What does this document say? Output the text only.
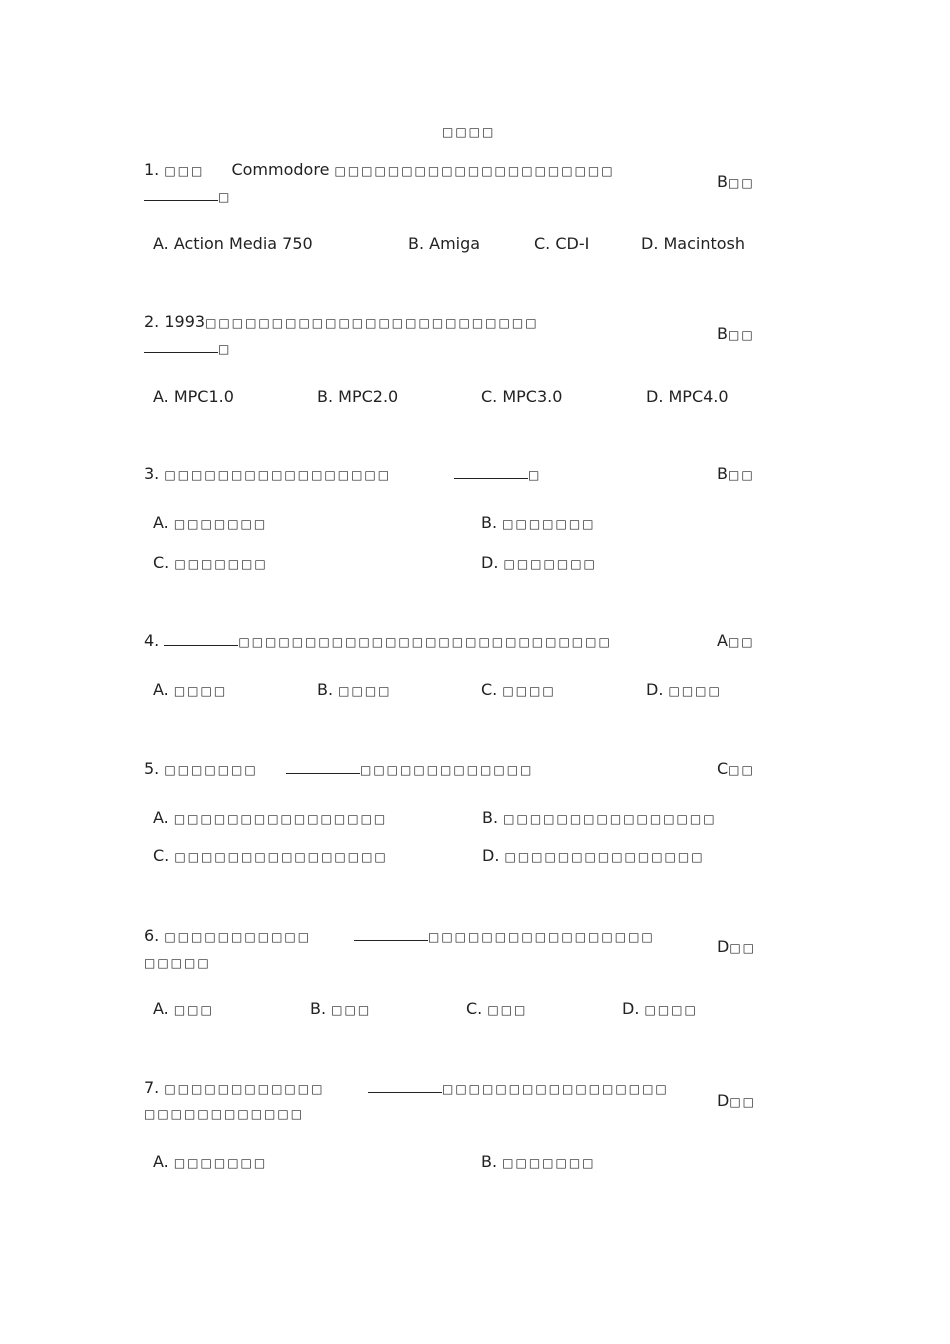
□□□□
1. □□□ Commodore □□□□□□□□□□□□□□□□□□□□□
□
B□□
A. Action Media 750	B. Amiga	C. CD-I	D. Macintosh
2. 1993□□□□□□□□□□□□□□□□□□□□□□□□□
□
B□□
A. MPC1.0	B. MPC2.0	C. MPC3.0	D. MPC4.0
3. □□□□□□□□□□□□□□□□□	□	B□□
A. □□□□□□□	B. □□□□□□□
C. □□□□□□□	D. □□□□□□□
4.	□□□□□□□□□□□□□□□□□□□□□□□□□□□□	A□□
A. □□□□	B. □□□□	C. □□□□	D. □□□□
5. □□□□□□□	□□□□□□□□□□□□□	C□□
A. □□□□□□□□□□□□□□□□	B. □□□□□□□□□□□□□□□□
C. □□□□□□□□□□□□□□□□	D. □□□□□□□□□□□□□□□
6. □□□□□□□□□□□	□□□□□□□□□□□□□□□□□
□□□□□
D□□
A. □□□	B. □□□	C. □□□	D. □□□□
7. □□□□□□□□□□□□	□□□□□□□□□□□□□□□□□
□□□□□□□□□□□□
D□□
A. □□□□□□□	B. □□□□□□□
